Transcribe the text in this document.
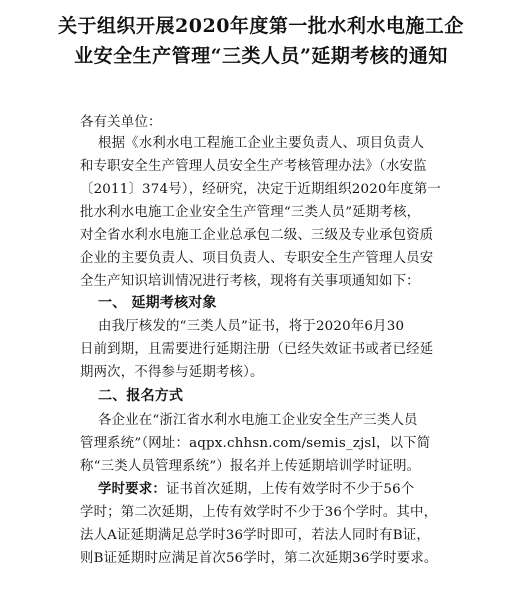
关于组织开展2020年度第一批水利水电施工企
业安全生产管理“三类人员”延期考核的通知
各有关单位：
根据《水利水电工程施工企业主要负责人、项目负责人
和专职安全生产管理人员安全生产考核管理办法》（水安监
〔2011〕374号），经研究，决定于近期组织2020年度第一
批水利水电施工企业安全生产管理“三类人员”延期考核，
对全省水利水电施工企业总承包二级、三级及专业承包资质
企业的主要负责人、项目负责人、专职安全生产管理人员安
全生产知识培训情况进行考核，现将有关事项通知如下：
一、 延期考核对象
由我厅核发的“三类人员”证书，将于2020年6月30
日前到期，且需要进行延期注册（已经失效证书或者已经延
期两次，不得参与延期考核）。
二、报名方式
各企业在“浙江省水利水电施工企业安全生产三类人员
管理系统”（网址：aqpx.chhsn.com/semis_zjsl，以下简
称“三类人员管理系统”）报名并上传延期培训学时证明。
学时要求：证书首次延期，上传有效学时不少于56个
学时；第二次延期，上传有效学时不少于36个学时。其中，
法人A证延期满足总学时36学时即可，若法人同时有B证，
则B证延期时应满足首次56学时，第二次延期36学时要求。
